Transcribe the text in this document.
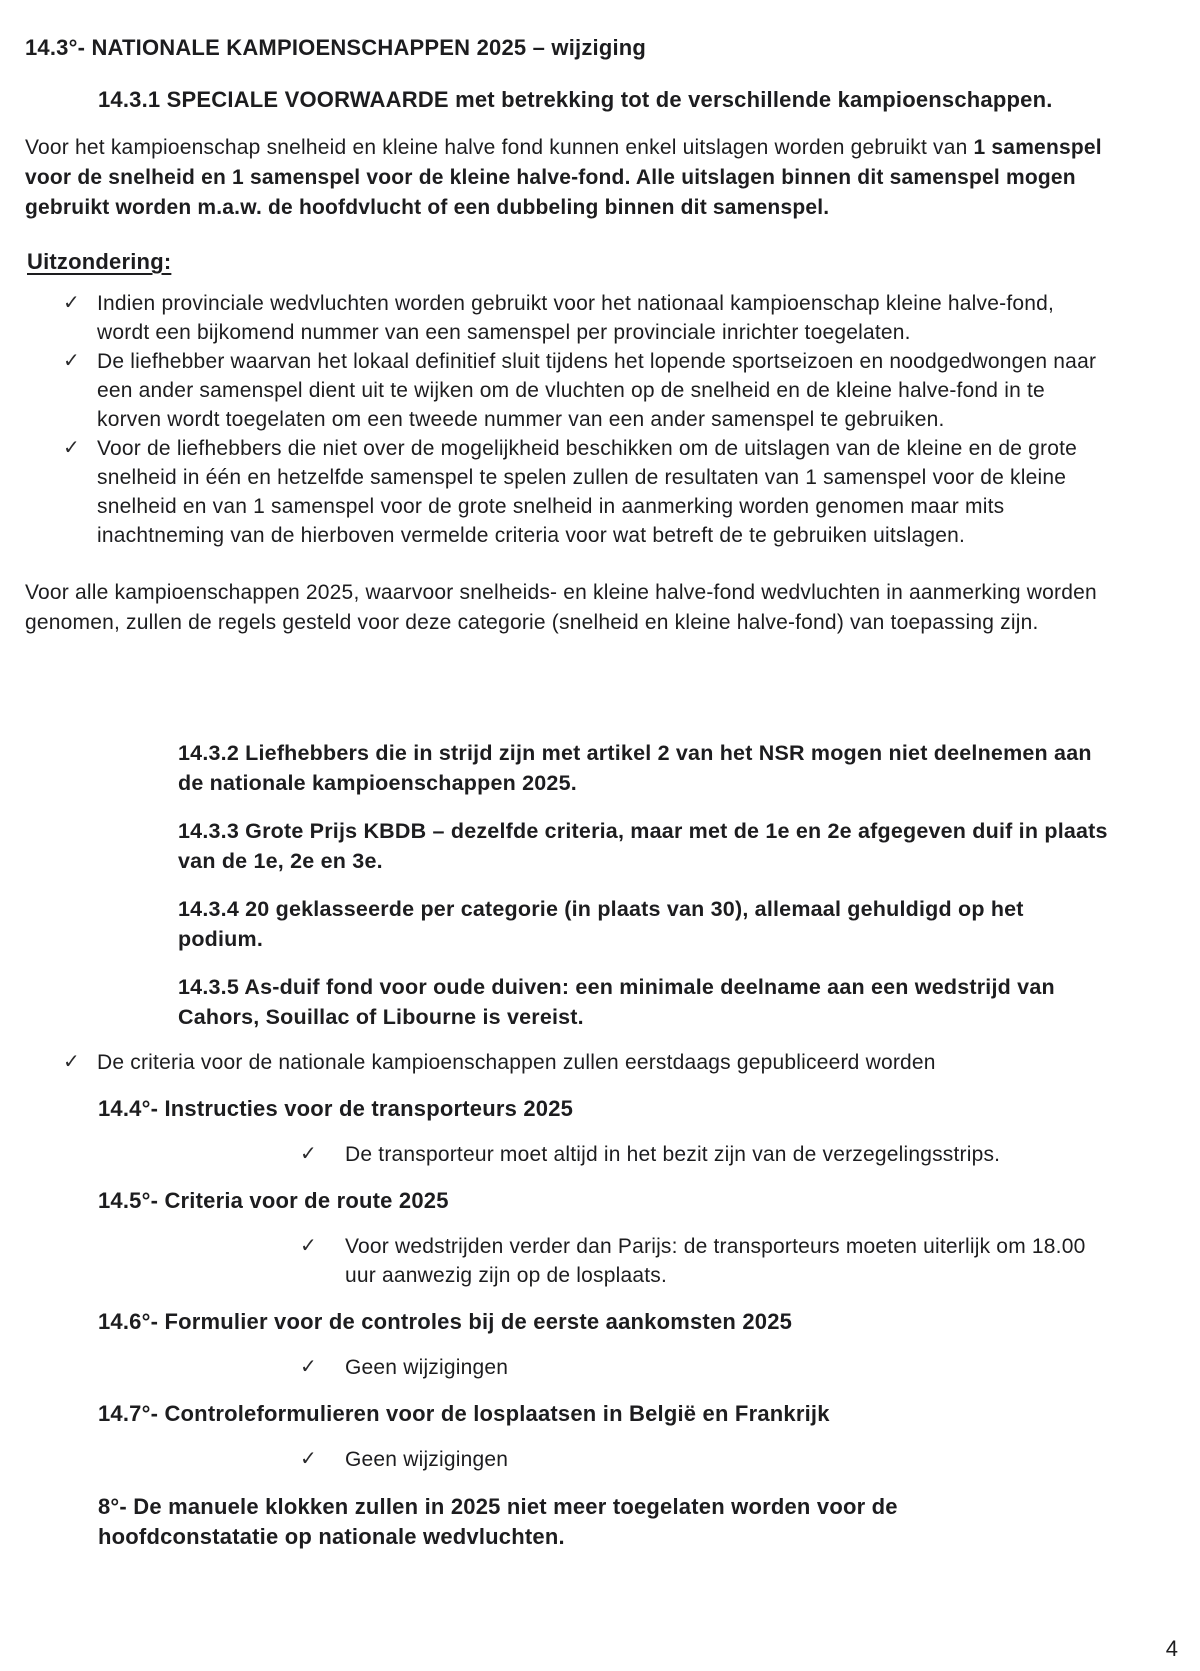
14.3°- NATIONALE KAMPIOENSCHAPPEN 2025 – wijziging
14.3.1 SPECIALE VOORWAARDE met betrekking tot de verschillende kampioenschappen.

Voor het kampioenschap snelheid en kleine halve fond kunnen enkel uitslagen worden gebruikt van 1 samenspel voor de snelheid en 1 samenspel voor de kleine halve-fond. Alle uitslagen binnen dit samenspel mogen gebruikt worden m.a.w. de hoofdvlucht of een dubbeling binnen dit samenspel.

Uitzondering:
✓ Indien provinciale wedvluchten worden gebruikt voor het nationaal kampioenschap kleine halve-fond, wordt een bijkomend nummer van een samenspel per provinciale inrichter toegelaten.
✓ De liefhebber waarvan het lokaal definitief sluit tijdens het lopende sportseizoen en noodgedwongen naar een ander samenspel dient uit te wijken om de vluchten op de snelheid en de kleine halve-fond in te korven wordt toegelaten om een tweede nummer van een ander samenspel te gebruiken.
✓ Voor de liefhebbers die niet over de mogelijkheid beschikken om de uitslagen van de kleine en de grote snelheid in één en hetzelfde samenspel te spelen zullen de resultaten van 1 samenspel voor de kleine snelheid en van 1 samenspel voor de grote snelheid in aanmerking worden genomen maar mits inachtneming van de hierboven vermelde criteria voor wat betreft de te gebruiken uitslagen.

Voor alle kampioenschappen 2025, waarvoor snelheids- en kleine halve-fond wedvluchten in aanmerking worden genomen, zullen de regels gesteld voor deze categorie (snelheid en kleine halve-fond) van toepassing zijn.

14.3.2 Liefhebbers die in strijd zijn met artikel 2 van het NSR mogen niet deelnemen aan de nationale kampioenschappen 2025.

14.3.3 Grote Prijs KBDB – dezelfde criteria, maar met de 1e en 2e afgegeven duif in plaats van de 1e, 2e en 3e.

14.3.4 20 geklasseerde per categorie (in plaats van 30), allemaal gehuldigd op het podium.

14.3.5 As-duif fond voor oude duiven: een minimale deelname aan een wedstrijd van Cahors, Souillac of Libourne is vereist.

✓ De criteria voor de nationale kampioenschappen zullen eerstdaags gepubliceerd worden
14.4°- Instructies voor de transporteurs 2025
✓ De transporteur moet altijd in het bezit zijn van de verzegelingsstrips.
14.5°- Criteria voor de route 2025
✓ Voor wedstrijden verder dan Parijs: de transporteurs moeten uiterlijk om 18.00 uur aanwezig zijn op de losplaats.
14.6°- Formulier voor de controles bij de eerste aankomsten 2025
✓ Geen wijzigingen
14.7°- Controleformulieren voor de losplaatsen in België en Frankrijk
✓ Geen wijzigingen

8°- De manuele klokken zullen in 2025 niet meer toegelaten worden voor de hoofdconstatatie op nationale wedvluchten.

4
